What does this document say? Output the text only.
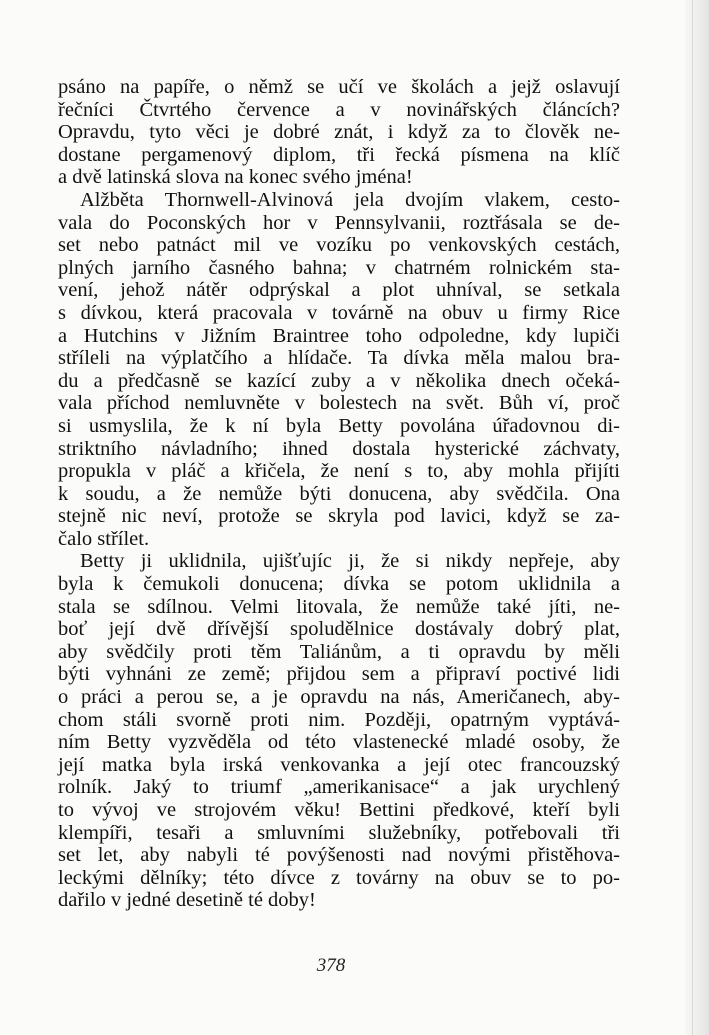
psáno na papíře, o němž se učí ve školách a jejž oslavují
řečníci Čtvrtého července a v novinářských článcích?
Opravdu, tyto věci je dobré znát, i když za to člověk ne-
dostane pergamenový diplom, tři řecká písmena na klíč
a dvě latinská slova na konec svého jména!
Alžběta Thornwell-Alvinová jela dvojím vlakem, cesto-
vala do Poconských hor v Pennsylvanii, roztřásala se de-
set nebo patnáct mil ve vozíku po venkovských cestách,
plných jarního časného bahna; v chatrném rolnickém sta-
vení, jehož nátěr odprýskal a plot uhníval, se setkala
s dívkou, která pracovala v továrně na obuv u firmy Rice
a Hutchins v Jižním Braintree toho odpoledne, kdy lupiči
stříleli na výplatčího a hlídače. Ta dívka měla malou bra-
du a předčasně se kazící zuby a v několika dnech očeká-
vala příchod nemluvněte v bolestech na svět. Bůh ví, proč
si usmyslila, že k ní byla Betty povolána úřadovnou di-
striktního návladního; ihned dostala hysterické záchvaty,
propukla v pláč a křičela, že není s to, aby mohla přijíti
k soudu, a že nemůže býti donucena, aby svědčila. Ona
stejně nic neví, protože se skryla pod lavici, když se za-
čalo střílet.
Betty ji uklidnila, ujišťujíc ji, že si nikdy nepřeje, aby
byla k čemukoli donucena; dívka se potom uklidnila a
stala se sdílnou. Velmi litovala, že nemůže také jíti, ne-
boť její dvě dřívější spoludělnice dostávaly dobrý plat,
aby svědčily proti těm Taliánům, a ti opravdu by měli
býti vyhnáni ze země; přijdou sem a připraví poctivé lidi
o práci a perou se, a je opravdu na nás, Američanech, aby-
chom stáli svorně proti nim. Později, opatrným vyptává-
ním Betty vyzvěděla od této vlastenecké mladé osoby, že
její matka byla irská venkovanka a její otec francouzský
rolník. Jaký to triumf „amerikanisace“ a jak urychlený
to vývoj ve strojovém věku! Bettini předkové, kteří byli
klempíři, tesaři a smluvními služebníky, potřebovali tři
set let, aby nabyli té povýšenosti nad novými přistěhova-
leckými dělníky; této dívce z továrny na obuv se to po-
dařilo v jedné desetině té doby!
378
